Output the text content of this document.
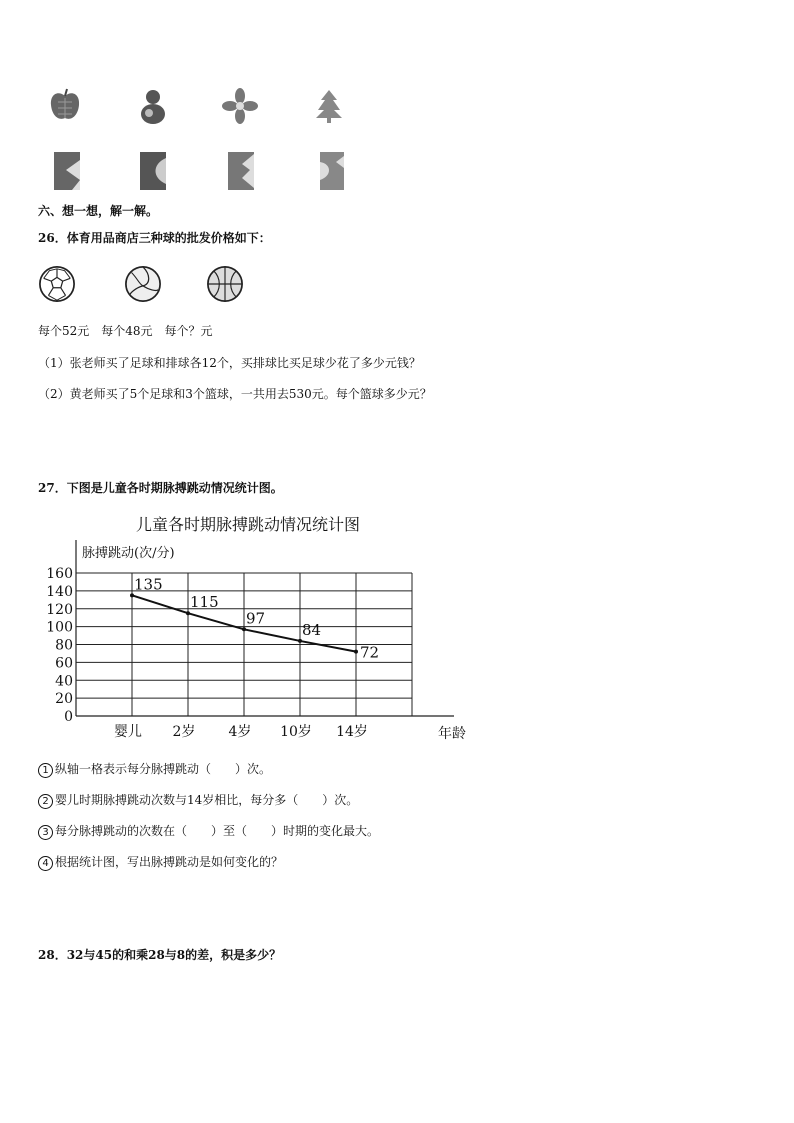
六、想一想，解一解。
26．体育用品商店三种球的批发价格如下：
每个52元　每个48元　每个？元
（1）张老师买了足球和排球各12个，买排球比买足球少花了多少元钱？
（2）黄老师买了5个足球和3个篮球，一共用去530元。每个篮球多少元？
27．下图是儿童各时期脉搏跳动情况统计图。
儿童各时期脉搏跳动情况统计图
脉搏跳动(次/分)
160
140
120
100
80
60
40
20
0
婴儿 2岁 4岁 10岁 14岁	年龄
135
115
97
84
72
1 纵轴一格表示每分脉搏跳动（　　）次。
2 婴儿时期脉搏跳动次数与14岁相比，每分多（　　）次。
3 每分脉搏跳动的次数在（　　）至（　　）时期的变化最大。
4 根据统计图，写出脉搏跳动是如何变化的？
28．32与45的和乘28与8的差，积是多少？
